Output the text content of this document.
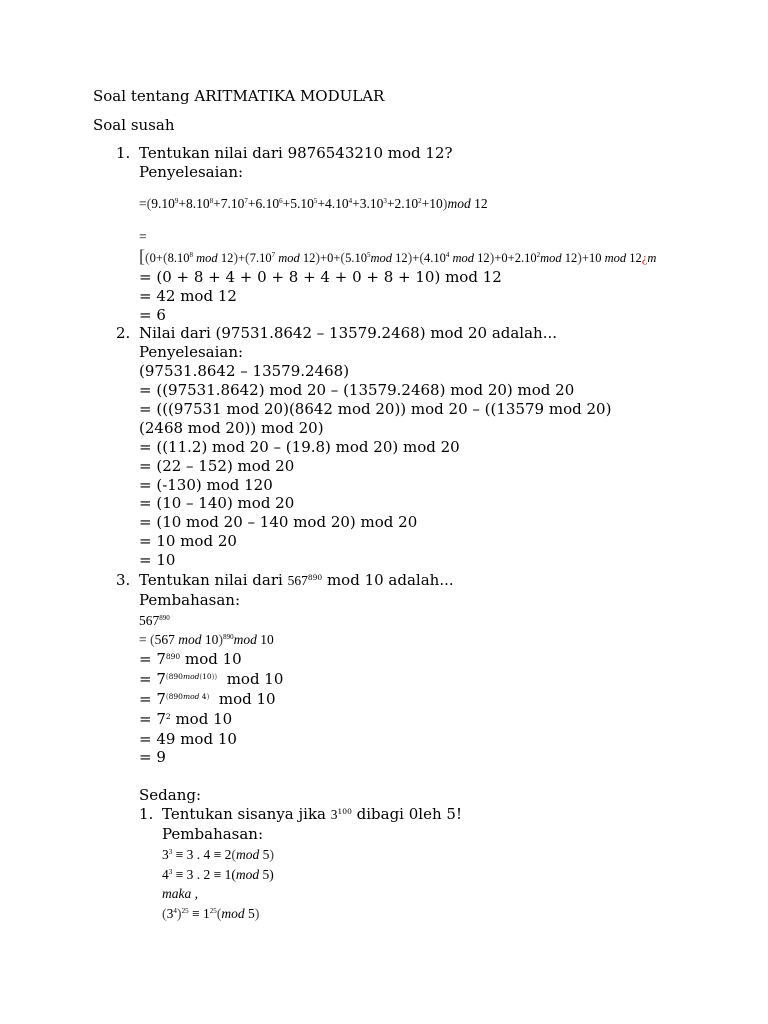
Soal tentang ARITMATIKA MODULAR
Soal susah
1. Tentukan nilai dari 9876543210 mod 12?
Penyelesaian:
$=(9.10^9+8.10^8+7.10^7+6.10^6+5.10^5+4.10^4+3.10^3+2.10^2+10)mod$ 12
=
[($0+(8.10^8$ mod $12)+(7.10^7$ mod $12)+0+(5.10^5mod$ $12)+(4.10^4$ mod $12)+0+2.10^2mod$ 12)+10 mod 12¿m
= (0 + 8 + 4 + 0 + 8 + 4 + 0 + 8 + 10) mod 12
= 42 mod 12
= 6
2. Nilai dari (97531.8642 – 13579.2468) mod 20 adalah...
Penyelesaian:
(97531.8642 – 13579.2468)
= ((97531.8642) mod 20 – (13579.2468) mod 20) mod 20
= (((97531 mod 20)(8642 mod 20)) mod 20 – ((13579 mod 20)
(2468 mod 20)) mod 20)
= ((11.2) mod 20 – (19.8) mod 20) mod 20
= (22 – 152) mod 20
= (-130) mod 120
= (10 – 140) mod 20
= (10 mod 20 – 140 mod 20) mod 20
= 10 mod 20
= 10
3. Tentukan nilai dari $567^{890}$ mod 10 adalah...
Pembahasan:
$567^{890}$
= (567 mod 10)$^{890}$mod 10
= $7^{890}$ mod 10
= $7^{(890mod(10))}$ mod 10
= $7^{(890mod 4)}$ mod 10
= $7^2$ mod 10
= 49 mod 10
= 9
Sedang:
1. Tentukan sisanya jika $3^{100}$ dibagi 0leh 5!
Pembahasan:
$3^3 \equiv 3$ . 4 ≡ 2(mod 5)
$4^3 \equiv 3$ . 2 ≡ 1(mod 5)
maka ,
$(3^4)^{25} \equiv 1^{25}(mod$ 5)
